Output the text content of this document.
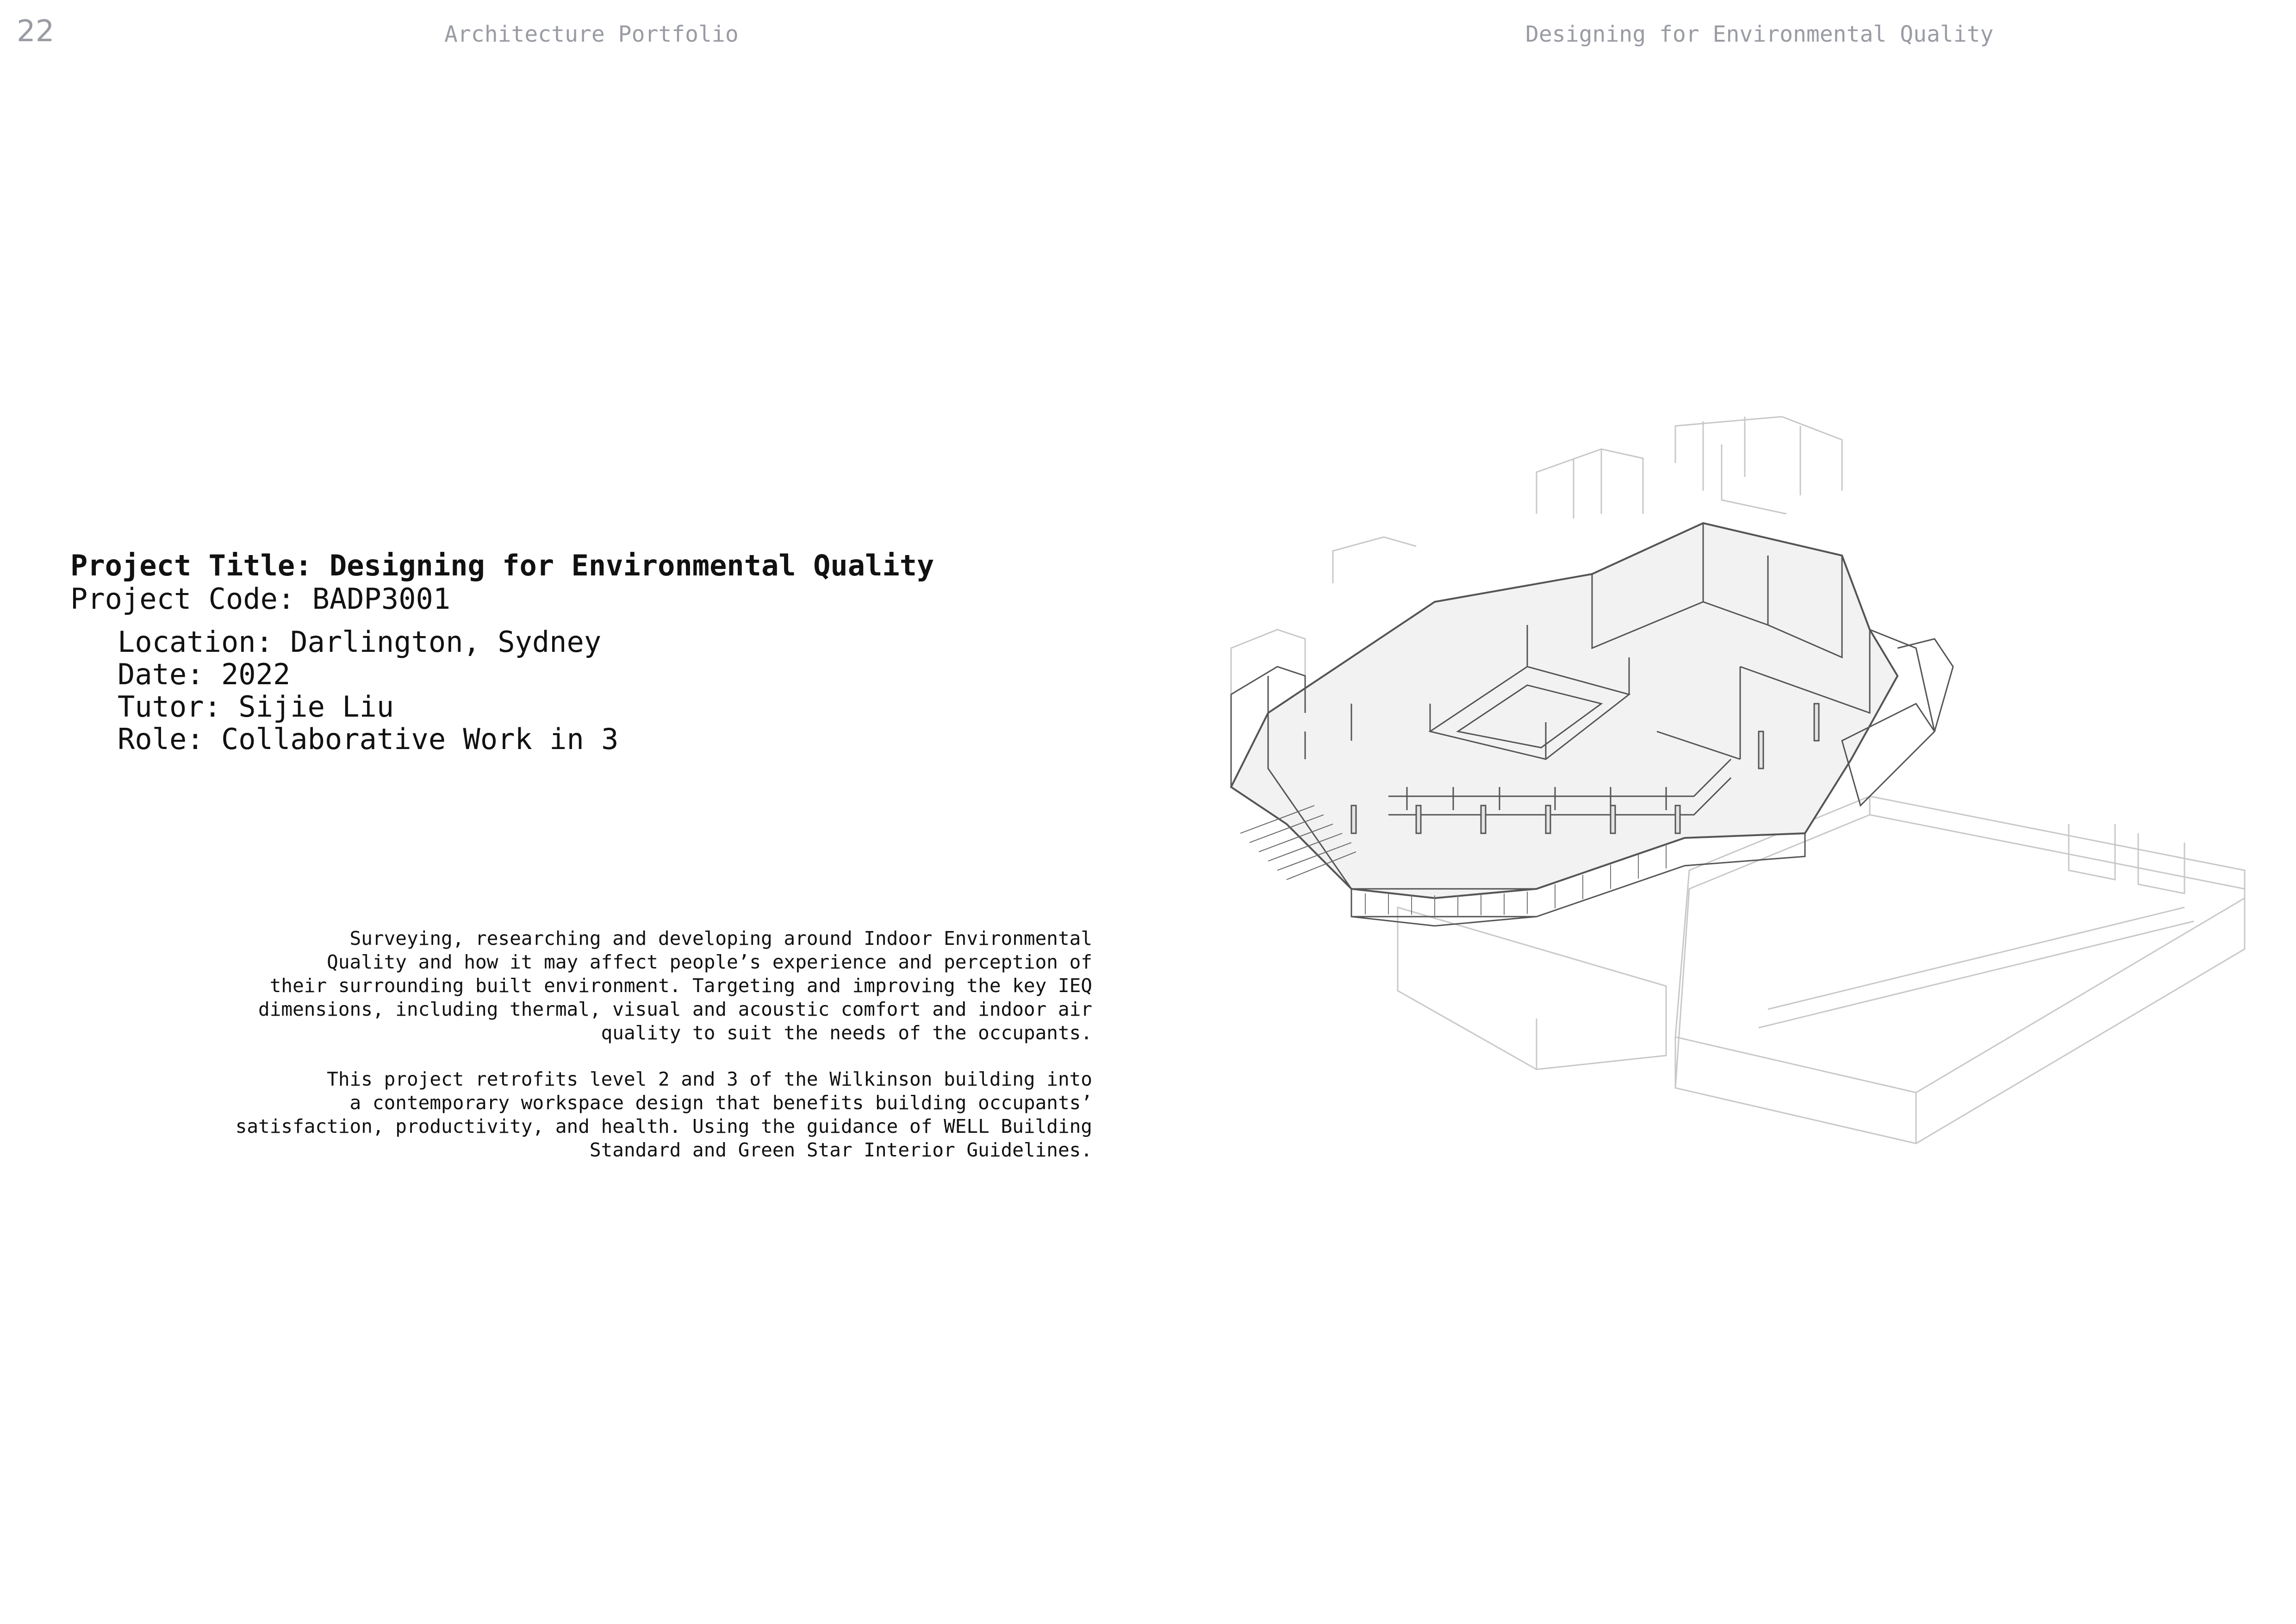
22	Architecture Portfolio	Designing for Environmental Quality
Project Title: Designing for Environmental Quality
Project Code: BADP3001
Location: Darlington, Sydney
Date: 2022
Tutor: Sijie Liu
Role: Collaborative Work in 3
Surveying, researching and developing around Indoor Environmental
Quality and how it may affect people’s experience and perception of
their surrounding built environment. Targeting and improving the key IEQ
dimensions, including thermal, visual and acoustic comfort and indoor air
quality to suit the needs of the occupants.
This project retrofits level 2 and 3 of the Wilkinson building into
a contemporary workspace design that benefits building occupants’
satisfaction, productivity, and health. Using the guidance of WELL Building
Standard and Green Star Interior Guidelines.
